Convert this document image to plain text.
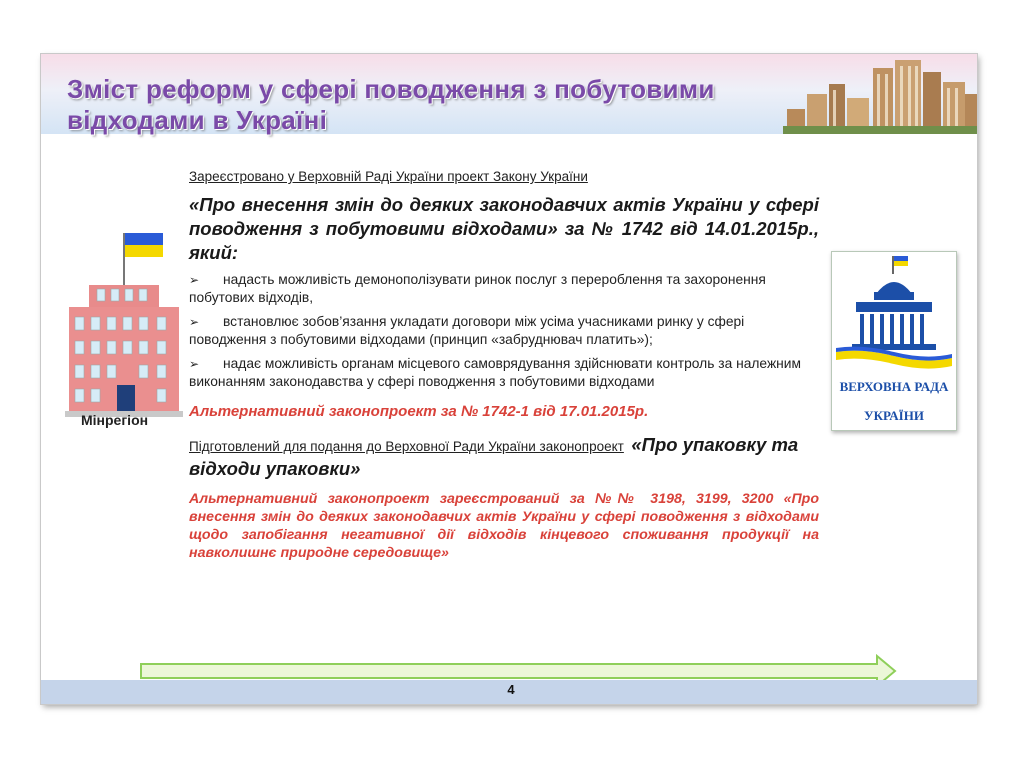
Зміст реформ у сфері поводження з побутовими відходами в Україні
Мінрегіон
ВЕРХОВНА РАДА
УКРАЇНИ

Зареєстровано у Верховній Раді України проект Закону України

«Про внесення змін до деяких законодавчих актів України у сфері поводження з побутовими відходами» за № 1742 від 14.01.2015р., який:

➢ надасть можливість демонополізувати ринок послуг з перероблення та захоронення побутових відходів,

➢ встановлює зобов’язання укладати договори між усіма учасниками ринку у сфері поводження з побутовими відходами (принцип «забруднювач платить»);

➢ надає можливість органам місцевого самоврядування здійснювати контроль за належним виконанням законодавства у сфері поводження з побутовими відходами

Альтернативний законопроект за № 1742-1 від 17.01.2015р.

Підготовлений для подання до Верховної Ради України законопроект «Про упаковку та відходи упаковки»

Альтернативний законопроект зареєстрований за №№ 3198, 3199, 3200 «Про внесення змін до деяких законодавчих актів України у сфері поводження з відходами щодо запобігання негативної дії відходів кінцевого споживання продукції на навколишнє природне середовище»

4
